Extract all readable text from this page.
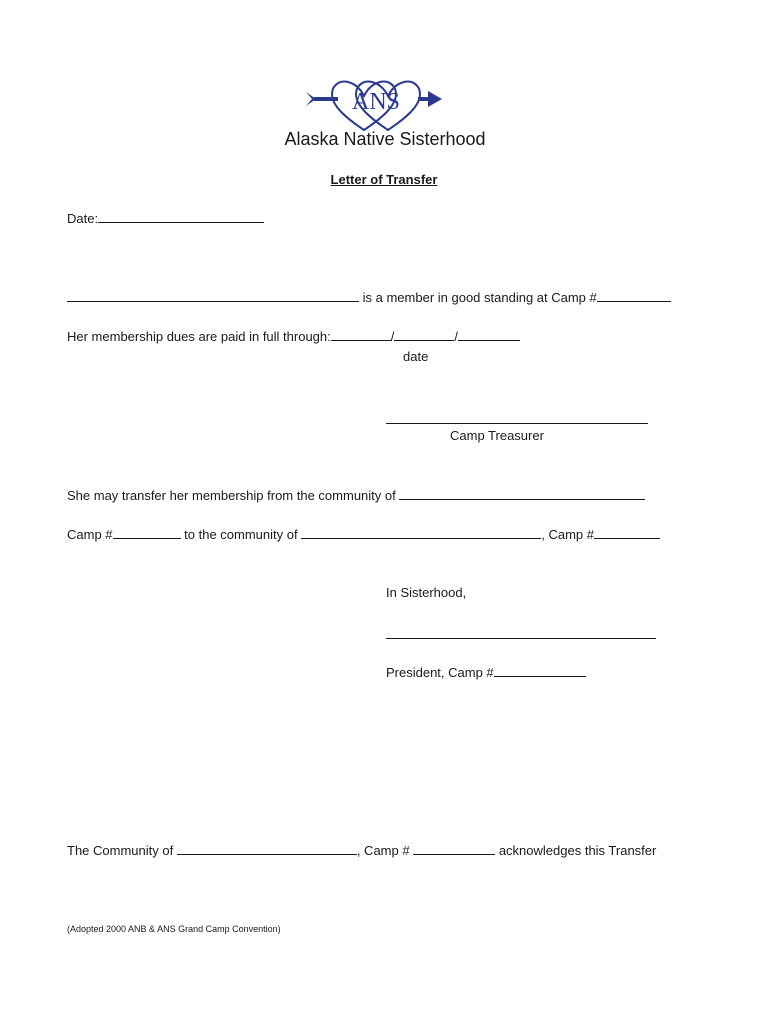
ANS
Alaska Native Sisterhood
Letter of Transfer
Date:
is a member in good standing at Camp #
Her membership dues are paid in full through:	/	/
date
Camp Treasurer
She may transfer her membership from the community of
Camp #	to the community of	, Camp #
In Sisterhood,
President, Camp #
The Community of	, Camp #	acknowledges this Transfer
(Adopted 2000 ANB & ANS Grand Camp Convention)
